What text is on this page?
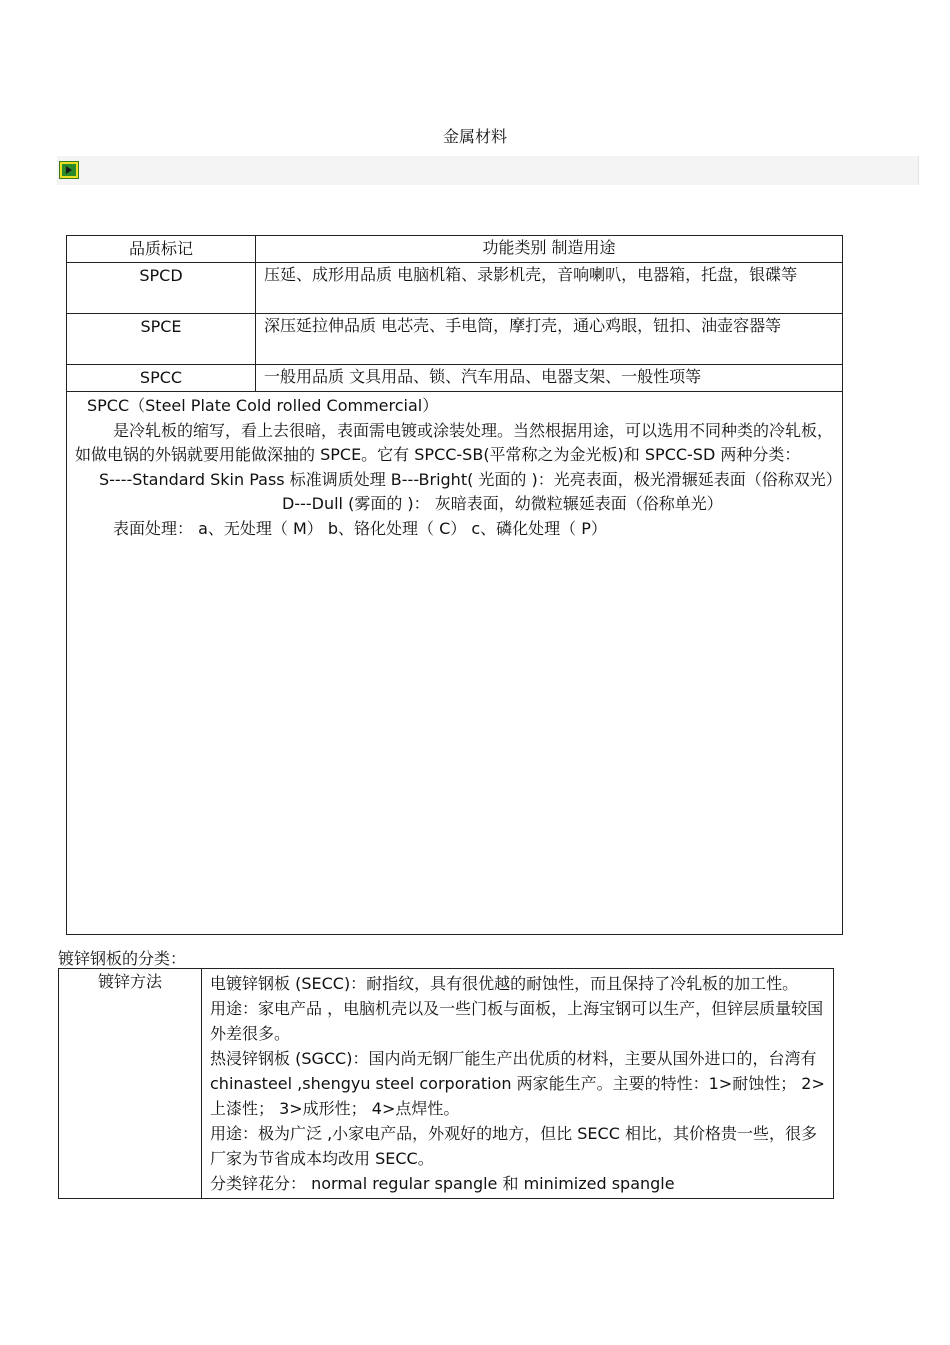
金属材料
品质标记	功能类别 制造用途
SPCD	压延、成形用品质 电脑机箱、录影机壳，音响喇叭，电器箱，托盘，银碟等
SPCE	深压延拉伸品质 电芯壳、手电筒，摩打壳，通心鸡眼，钮扣、油壶容器等
SPCC	一般用品质 文具用品、锁、汽车用品、电器支架、一般性项等

SPCC（Steel Plate Cold rolled Commercial）

是冷轧板的缩写，看上去很暗，表面需电镀或涂装处理。当然根据用途，可以选用不同种类的冷轧板，如做电锅的外锅就要用能做深抽的 SPCE。它有 SPCC-SB(平常称之为金光板)和 SPCC-SD 两种分类：

S----Standard Skin Pass 标准调质处理 B---Bright( 光面的 )：光亮表面，极光滑辗延表面（俗称双光）

D---Dull (雾面的 )： 灰暗表面，幼微粒辗延表面（俗称单光）

表面处理： a、无处理（ M） b、铬化处理（ C） c、磷化处理（ P）	

镀锌钢板的分类：
镀锌方法	电镀锌钢板 (SECC)：耐指纹，具有很优越的耐蚀性，而且保持了冷轧板的加工性。

用途：家电产品 ，电脑机壳以及一些门板与面板，上海宝钢可以生产，但锌层质量较国外差很多。

热浸锌钢板 (SGCC)：国内尚无钢厂能生产出优质的材料，主要从国外进口的，台湾有 chinasteel ,shengyu steel corporation 两家能生产。主要的特性：1>耐蚀性； 2>上漆性； 3>成形性； 4>点焊性。

用途：极为广泛 ,小家电产品，外观好的地方，但比 SECC 相比，其价格贵一些，很多厂家为节省成本均改用 SECC。

分类锌花分： normal regular spangle 和 minimized spangle
